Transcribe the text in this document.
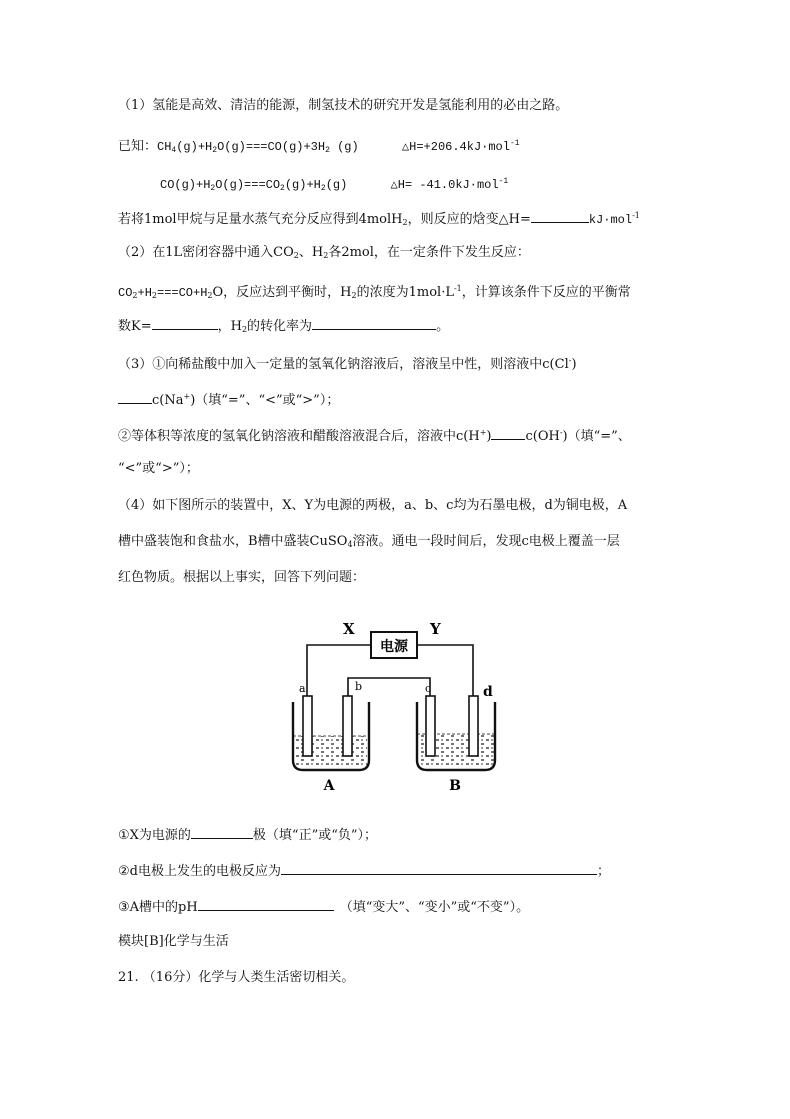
（1）氢能是高效、清洁的能源，制氢技术的研究开发是氢能利用的必由之路。
已知：$CH_4(g)+H_2O(g)===CO(g)+3H_2$ (g)	△H=+206.4kJ·mol$^{-1}$
$CO(g)+H_2O(g)===CO_2(g)+H_2(g)$	△H= -41.0kJ·mol$^{-1}$
若将1mol甲烷与足量水蒸气充分反应得到4molH$_2$，则反应的焓变△H=	kJ·mol$^{-1}$
（2）在1L密闭容器中通入$CO_2$、$H_2$各2mol，在一定条件下发生反应：
$CO_2+H_2===CO+H_2O$，反应达到平衡时，$H_2$的浓度为$1mol\cdot L^{-1}$，计算该条件下反应的平衡常
数K=	，$H_2$的转化率为	。
（3）①向稀盐酸中加入一定量的氢氧化钠溶液后，溶液呈中性，则溶液中c(Cl-)
c(Na+)（填“=”、“<”或“>”）；
②等体积等浓度的氢氧化钠溶液和醋酸溶液混合后，溶液中c(H+)	c(OH-)（填“=”、
“<”或“>”）；
（4）如下图所示的装置中，X、Y为电源的两极，a、b、c均为石墨电极，d为铜电极，A
槽中盛装饱和食盐水，B槽中盛装CuSO$_4$溶液。通电一段时间后，发现c电极上覆盖一层
红色物质。根据以上事实，回答下列问题：
X	Y
电源
a	b	c	d
A	B
①X为电源的	极（填“正”或“负”）；
②d电极上发生的电极反应为	；
③A槽中的pH	（填“变大”、“变小”或“不变”）。
模块[B]化学与生活
21. （16分）化学与人类生活密切相关。
